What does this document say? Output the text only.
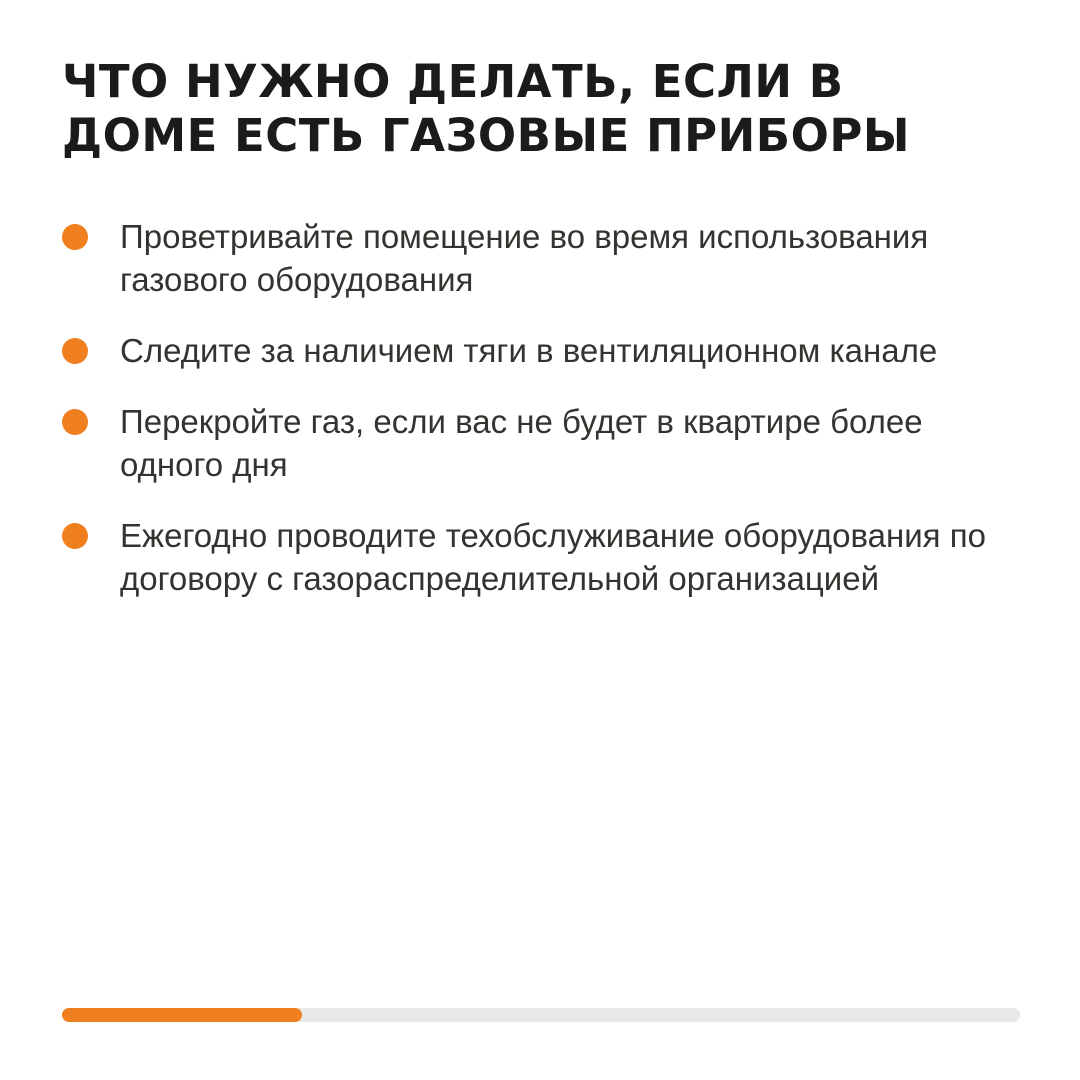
ЧТО НУЖНО ДЕЛАТЬ, ЕСЛИ В ДОМЕ ЕСТЬ ГАЗОВЫЕ ПРИБОРЫ
Проветривайте помещение во время использования газового оборудования
Следите за наличием тяги в вентиляционном канале
Перекройте газ, если вас не будет в квартире более одного дня
Ежегодно проводите техобслуживание оборудования по договору с газораспределительной организацией
